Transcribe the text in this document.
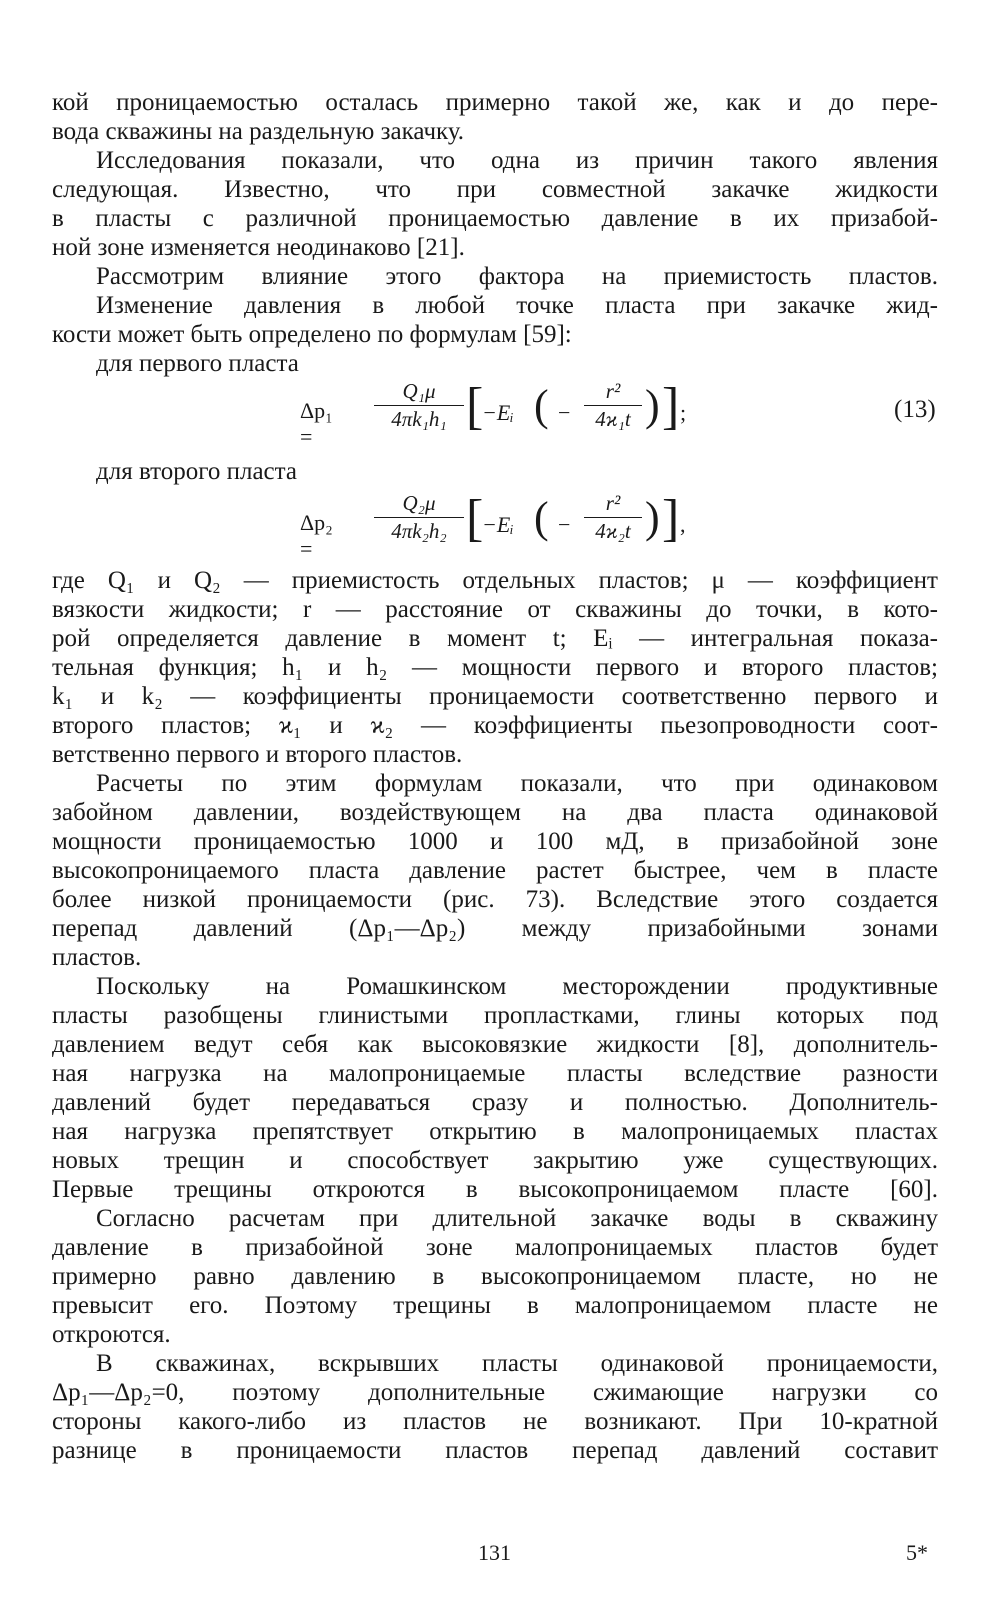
кой проницаемостью осталась примерно такой же, как и до пере-
вода скважины на раздельную закачку.
Исследования показали, что одна из причин такого явления
следующая. Известно, что при совместной закачке жидкости
в пласты с различной проницаемостью давление в их призабой-
ной зоне изменяется неодинаково [21].
Рассмотрим влияние этого фактора на приемистость пластов.
Изменение давления в любой точке пласта при закачке жид-
кости может быть определено по формулам [59]:
для первого пласта
Δp₁ =
$\frac{\text{Q₁μ}}{\text{4πk₁h₁}}$ [
−Eᵢ ( − $\frac{\text{r²}}{\text{4ϰ₁t}}$ ) ] ;	(13)
для второго пласта
Δp₂ =
$\frac{\text{Q₂μ}}{\text{4πk₂h₂}}$ [
−Eᵢ ( − $\frac{\text{r²}}{\text{4ϰ₂t}}$ ) ] ,
где Q₁ и Q₂ — приемистость отдельных пластов; μ — коэффициент
вязкости жидкости; r — расстояние от скважины до точки, в кото-
рой определяется давление в момент t; Eᵢ — интегральная показа-
тельная функция; h₁ и h₂ — мощности первого и второго пластов;
k₁ и k₂ — коэффициенты проницаемости соответственно первого и
второго пластов; ϰ₁ и ϰ₂ — коэффициенты пьезопроводности соот-
ветственно первого и второго пластов.
Расчеты по этим формулам показали, что при одинаковом
забойном давлении, воздействующем на два пласта одинаковой
мощности проницаемостью 1000 и 100 мД, в призабойной зоне
высокопроницаемого пласта давление растет быстрее, чем в пласте
более низкой проницаемости (рис. 73). Вследствие этого создается
перепад давлений (Δp₁—Δp₂) между призабойными зонами
пластов.
Поскольку на Ромашкинском месторождении продуктивные
пласты разобщены глинистыми пропластками, глины которых под
давлением ведут себя как высоковязкие жидкости [8], дополнитель-
ная нагрузка на малопроницаемые пласты вследствие разности
давлений будет передаваться сразу и полностью. Дополнитель-
ная нагрузка препятствует открытию в малопроницаемых пластах
новых трещин и способствует закрытию уже существующих.
Первые трещины откроются в высокопроницаемом пласте [60].
Согласно расчетам при длительной закачке воды в скважину
давление в призабойной зоне малопроницаемых пластов будет
примерно равно давлению в высокопроницаемом пласте, но не
превысит его. Поэтому трещины в малопроницаемом пласте не
откроются.
В скважинах, вскрывших пласты одинаковой проницаемости,
Δp₁—Δp₂=0, поэтому дополнительные сжимающие нагрузки со
стороны какого-либо из пластов не возникают. При 10-кратной
разнице в проницаемости пластов перепад давлений составит
131	5*
